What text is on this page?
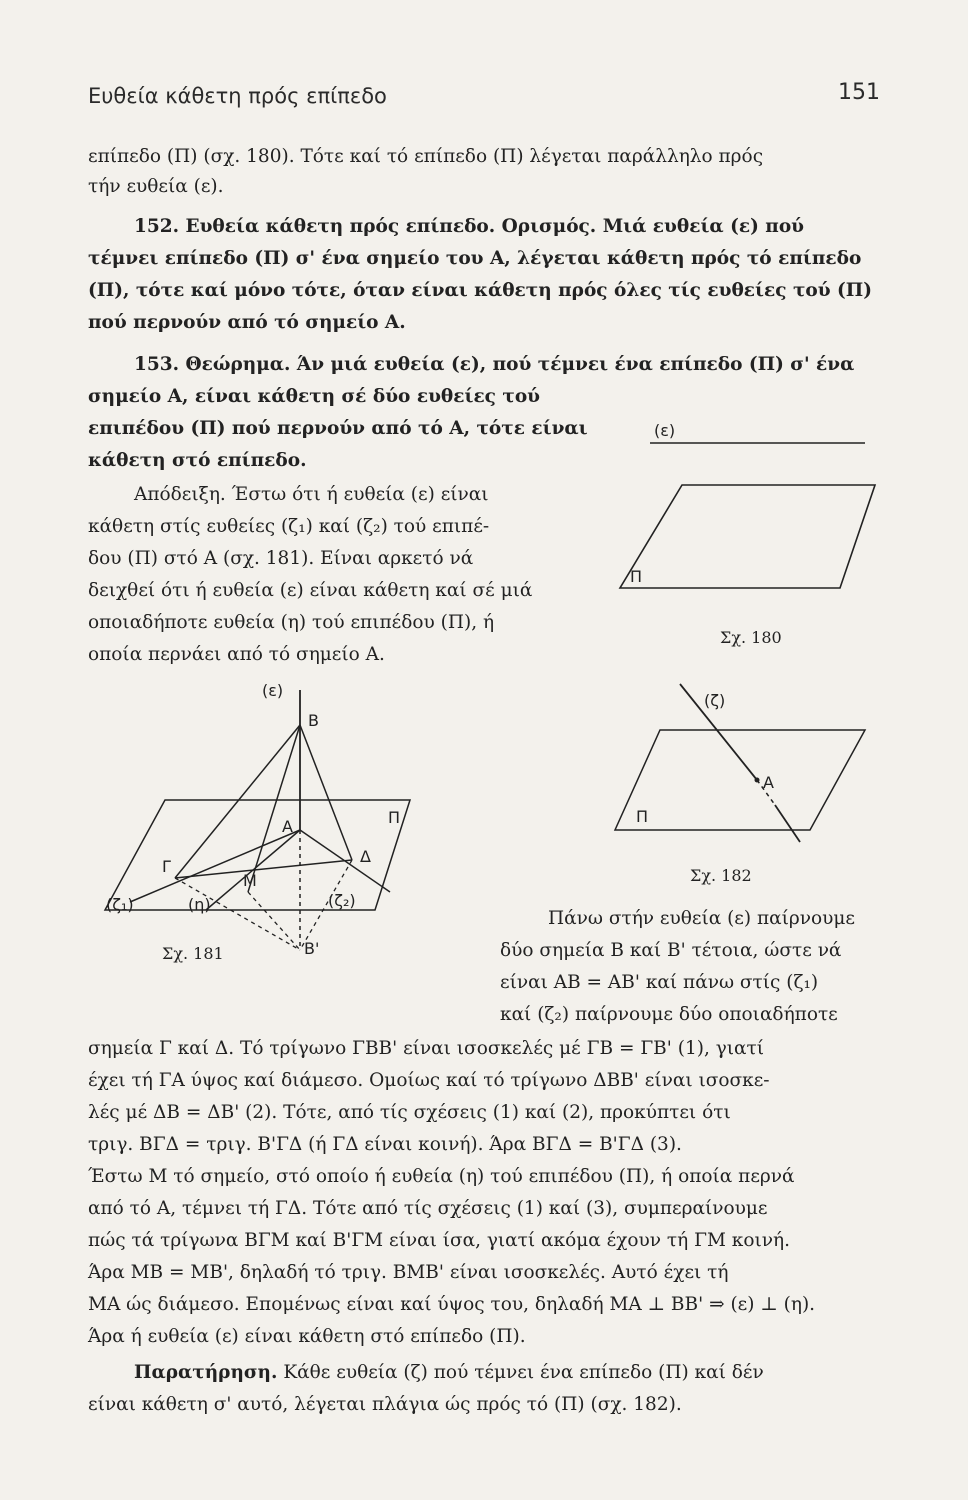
Ευθεία κάθετη πρός επίπεδο	151
επίπεδο (Π) (σχ. 180). Τότε καί τό επίπεδο (Π) λέγεται παράλληλο πρός
τήν ευθεία (ε).
152. Ευθεία κάθετη πρός επίπεδο. Ορισμός. Μιά ευθεία (ε) πού
τέμνει επίπεδο (Π) σ' ένα σημείο του Α, λέγεται κάθετη πρός τό επίπεδο
(Π), τότε καί μόνο τότε, όταν είναι κάθετη πρός όλες τίς ευθείες τού (Π)
πού περνούν από τό σημείο Α.
153. Θεώρημα. Άν μιά ευθεία (ε), πού τέμνει ένα επίπεδο (Π) σ' ένα
σημείο Α, είναι κάθετη σέ δύο ευθείες τού
επιπέδου (Π) πού περνούν από τό Α, τότε είναι
κάθετη στό επίπεδο.
Απόδειξη. Έστω ότι ή ευθεία (ε) είναι
κάθετη στίς ευθείες (ζ₁) καί (ζ₂) τού επιπέ-
δου (Π) στό Α (σχ. 181). Είναι αρκετό νά
δειχθεί ότι ή ευθεία (ε) είναι κάθετη καί σέ μιά
οποιαδήποτε ευθεία (η) τού επιπέδου (Π), ή
οποία περνάει από τό σημείο Α.
(ε)
Π
Σχ. 180
(ε)
Β
Α	Π
Γ
Δ
Μ
(ζ₁)	(η)	(ζ₂)
Β'
Σχ. 181
(ζ)
Α
Π
Σχ. 182
Πάνω στήν ευθεία (ε) παίρνουμε
δύο σημεία Β καί Β' τέτοια, ώστε νά
είναι ΑΒ = ΑΒ' καί πάνω στίς (ζ₁)
καί (ζ₂) παίρνουμε δύο οποιαδήποτε
σημεία Γ καί Δ. Τό τρίγωνο ΓΒΒ' είναι ισοσκελές μέ ΓΒ = ΓΒ' (1), γιατί
έχει τή ΓΑ ύψος καί διάμεσο. Ομοίως καί τό τρίγωνο ΔΒΒ' είναι ισοσκε-
λές μέ ΔΒ = ΔΒ' (2). Τότε, από τίς σχέσεις (1) καί (2), προκύπτει ότι
τριγ. ΒΓΔ = τριγ. Β'ΓΔ (ή ΓΔ είναι κοινή). Άρα ΒΓΔ = Β'ΓΔ (3).
Έστω Μ τό σημείο, στό οποίο ή ευθεία (η) τού επιπέδου (Π), ή οποία περνά
από τό Α, τέμνει τή ΓΔ. Τότε από τίς σχέσεις (1) καί (3), συμπεραίνουμε
πώς τά τρίγωνα ΒΓΜ καί Β'ΓΜ είναι ίσα, γιατί ακόμα έχουν τή ΓΜ κοινή.
Άρα ΜΒ = ΜΒ', δηλαδή τό τριγ. ΒΜΒ' είναι ισοσκελές. Αυτό έχει τή
ΜΑ ώς διάμεσο. Επομένως είναι καί ύψος του, δηλαδή ΜΑ ⊥ ΒΒ' ⇒ (ε) ⊥ (η).
Άρα ή ευθεία (ε) είναι κάθετη στό επίπεδο (Π).
Παρατήρηση. Κάθε ευθεία (ζ) πού τέμνει ένα επίπεδο (Π) καί δέν
είναι κάθετη σ' αυτό, λέγεται πλάγια ώς πρός τό (Π) (σχ. 182).
